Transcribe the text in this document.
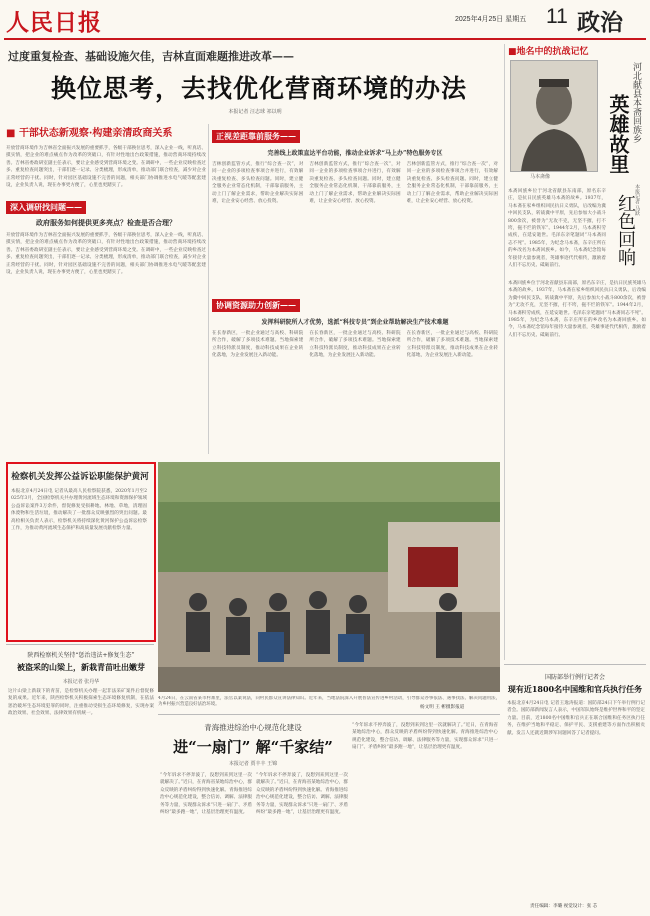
人民日报	2025年4月25日 星期五 11 政治
过度重复检查、基础设施欠佳，吉林直面难题推进改革——
换位思考，去找优化营商环境的办法
本报记者 汪志球 祁以明
■ 干部状态新观察·构建亲清政商关系
开放营商环境作为吉林省全面振兴发展的重要抓手，各级干部换位思考，深入企业一线，听真话、摸实情，把企业的难点痛点作为改革的突破口，有针对性地出台政策措施，推动营商环境持续改善。吉林省委政研室副主任表示，要让企业感受到营商环境之变。在调研中，一些企业反映检查过多、重复检查问题突出，干部们逐一记录、分类梳理，形成清单，推动部门联合检查，减少对企业正常经营的干扰。同时，针对园区基础设施不完善的问题，相关部门协调推进水电气暖等配套建设，企业负责人说，现在办事更方便了，心里也更踏实了。
深入调研找问题——
政府服务如何提供更多亮点？检查是否合理？
开放营商环境作为吉林省全面振兴发展的重要抓手，各级干部换位思考，深入企业一线，听真话、摸实情，把企业的难点痛点作为改革的突破口，有针对性地出台政策措施，推动营商环境持续改善。吉林省委政研室副主任表示，要让企业感受到营商环境之变。在调研中，一些企业反映检查过多、重复检查问题突出，干部们逐一记录、分类梳理，形成清单，推动部门联合检查，减少对企业正常经营的干扰。同时，针对园区基础设施不完善的问题，相关部门协调推进水电气暖等配套建设，企业负责人说，现在办事更方便了，心里也更踏实了。
正视差距靠前服务——
完善线上政策直达平台功能，推动企业诉求“马上办”特色服务专区
吉林创新监管方式，推行“综合查一次”，对同一企业的多项检查事项合并进行，有效解决重复检查、多头检查问题。同时，建立健全服务企业常态化机制，干部靠前服务，主动上门了解企业需求，帮助企业解决实际困难，让企业安心经营、放心投资。
吉林创新监管方式，推行“综合查一次”，对同一企业的多项检查事项合并进行，有效解决重复检查、多头检查问题。同时，建立健全服务企业常态化机制，干部靠前服务，主动上门了解企业需求，帮助企业解决实际困难，让企业安心经营、放心投资。
吉林创新监管方式，推行“综合查一次”，对同一企业的多项检查事项合并进行，有效解决重复检查、多头检查问题。同时，建立健全服务企业常态化机制，干部靠前服务，主动上门了解企业需求，帮助企业解决实际困难，让企业安心经营、放心投资。
协调资源助力创新——
发挥科研院所人才优势，选派“科技专员”到企业帮助解决生产技术难题
在长春新区，一批企业通过与高校、科研院所合作，破解了多项技术难题。当地探索建立科技特派员制度，推动科技成果在企业转化落地，为企业发展注入新动能。
在长春新区，一批企业通过与高校、科研院所合作，破解了多项技术难题。当地探索建立科技特派员制度，推动科技成果在企业转化落地，为企业发展注入新动能。
在长春新区，一批企业通过与高校、科研院所合作，破解了多项技术难题。当地探索建立科技特派员制度，推动科技成果在企业转化落地，为企业发展注入新动能。
■地名中的抗战记忆
马本斋像
河北献县本斋回族乡
英雄故里
本报记者 马跃
红色回响
本斋回族乡位于河北省献县东南部，原名东辛庄，是抗日民族英雄马本斋的故乡。1937年，马本斋在家乡组织回民抗日义勇队，后改编为冀中回民支队，转战冀中平原，先后参加大小战斗800余次，被誉为“无攻不克，无坚不摧，打不垮，拖不烂的铁军”。1944年2月，马本斋积劳成疾，在延安逝世。毛泽东亲笔题词“马本斋同志不死”。1985年，为纪念马本斋，东辛庄所在的乡改名为本斋回族乡。如今，马本斋纪念馆每年接待大量参观者，英雄事迹代代相传，激励着人们不忘历史、砥砺前行。
本斋回族乡位于河北省献县东南部，原名东辛庄，是抗日民族英雄马本斋的故乡。1937年，马本斋在家乡组织回民抗日义勇队，后改编为冀中回民支队，转战冀中平原，先后参加大小战斗800余次，被誉为“无攻不克，无坚不摧，打不垮，拖不烂的铁军”。1944年2月，马本斋积劳成疾，在延安逝世。毛泽东亲笔题词“马本斋同志不死”。1985年，为纪念马本斋，东辛庄所在的乡改名为本斋回族乡。如今，马本斋纪念馆每年接待大量参观者，英雄事迹代代相传，激励着人们不忘历史、砥砺前行。
检察机关发挥公益诉讼职能保护黄河
本报北京4月24日电 记者从最高人民检察院获悉，2020年1月至2025年3月，全国检察机关共办理黄河流域生态环境和资源保护领域公益诉讼案件3万余件，督促修复受损耕地、林地、草地，清理固体废物和生活垃圾，推动解决了一批群众反映强烈的突出问题。最高检相关负责人表示，检察机关将持续深化黄河保护公益诉讼检察工作，为推动黄河流域生态保护和高质量发展贡献检察力量。
4月24日，在云南省某市村寨里，法官以案说法，向村民群众宣讲法律知识。近年来，当地法院深入开展普法宣传进乡村活动，引导群众办事依法、遇事找法、解决问题用法，为乡村振兴营造良好法治环境。
杨文明 王 彬摄影报道
陕西检察机关坚持“惩治违法+修复生态”
被盗采的山梁上，新栽青苗吐出嫩芽
本报记者 张丹华
这片山梁上新栽下的青苗，是检察机关办理一起非法采矿案件后督促修复的成果。近年来，陕西检察机关积极探索生态环境修复机制，在依法惩治破坏生态环境犯罪的同时，注重推动受损生态环境修复，实现办案政治效果、社会效果、法律效果有机统一。
青海推进综治中心规范化建设
进“一扇门” 解“千家结”
本报记者 贾丰丰 王锦
“今年诉求不停奔波了，没想到来到这里一次就解决了。”近日，在青海省某地综治中心，群众反映的矛盾纠纷得到快速化解。青海推进综治中心规范化建设，整合信访、调解、法律服务等力量，实现群众诉求“只进一扇门”、矛盾纠纷“最多跑一地”，让基层治理更有温度。
“今年诉求不停奔波了，没想到来到这里一次就解决了。”近日，在青海省某地综治中心，群众反映的矛盾纠纷得到快速化解。青海推进综治中心规范化建设，整合信访、调解、法律服务等力量，实现群众诉求“只进一扇门”、矛盾纠纷“最多跑一地”，让基层治理更有温度。
“今年诉求不停奔波了，没想到来到这里一次就解决了。”近日，在青海省某地综治中心，群众反映的矛盾纠纷得到快速化解。青海推进综治中心规范化建设，整合信访、调解、法律服务等力量，实现群众诉求“只进一扇门”、矛盾纠纷“最多跑一地”，让基层治理更有温度。
国防部举行例行记者会
现有近1800名中国维和官兵执行任务
本报北京4月24日电 记者王逸涛报道：国防部24日下午举行例行记者会。国防部新闻发言人表示，中国军队始终是维护世界和平的坚定力量。目前，近1800名中国维和官兵正在联合国维和任务区执行任务，在维护当地和平稳定、保护平民、支援重建等方面作出积极贡献。发言人还就近期涉军问题回答了记者提问。
责任编辑：李璐 视觉设计：张 芯
